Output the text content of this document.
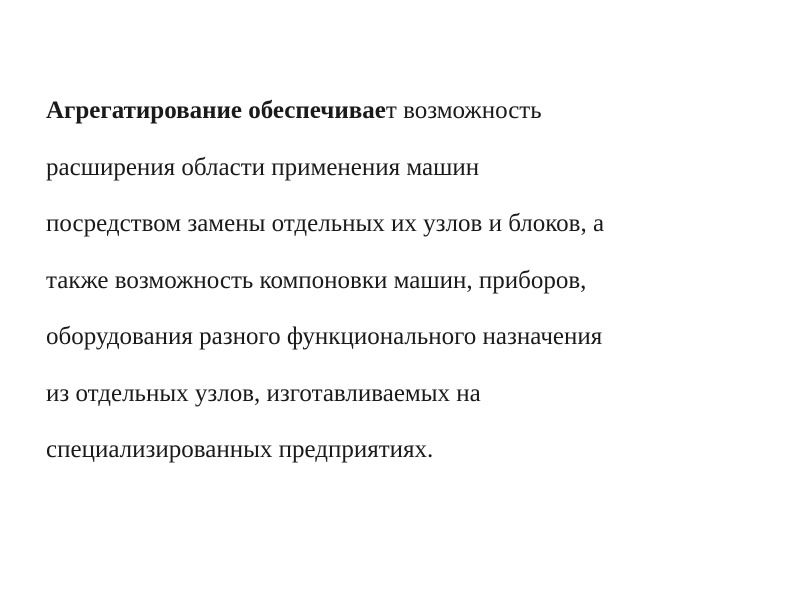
Агрегатирование обеспечивает возможность
расширения области применения машин
посредством замены отдельных их узлов и блоков, а
также возможность компоновки машин, приборов,
оборудования разного функционального назначения
из отдельных узлов, изготавливаемых на
специализированных предприятиях.
